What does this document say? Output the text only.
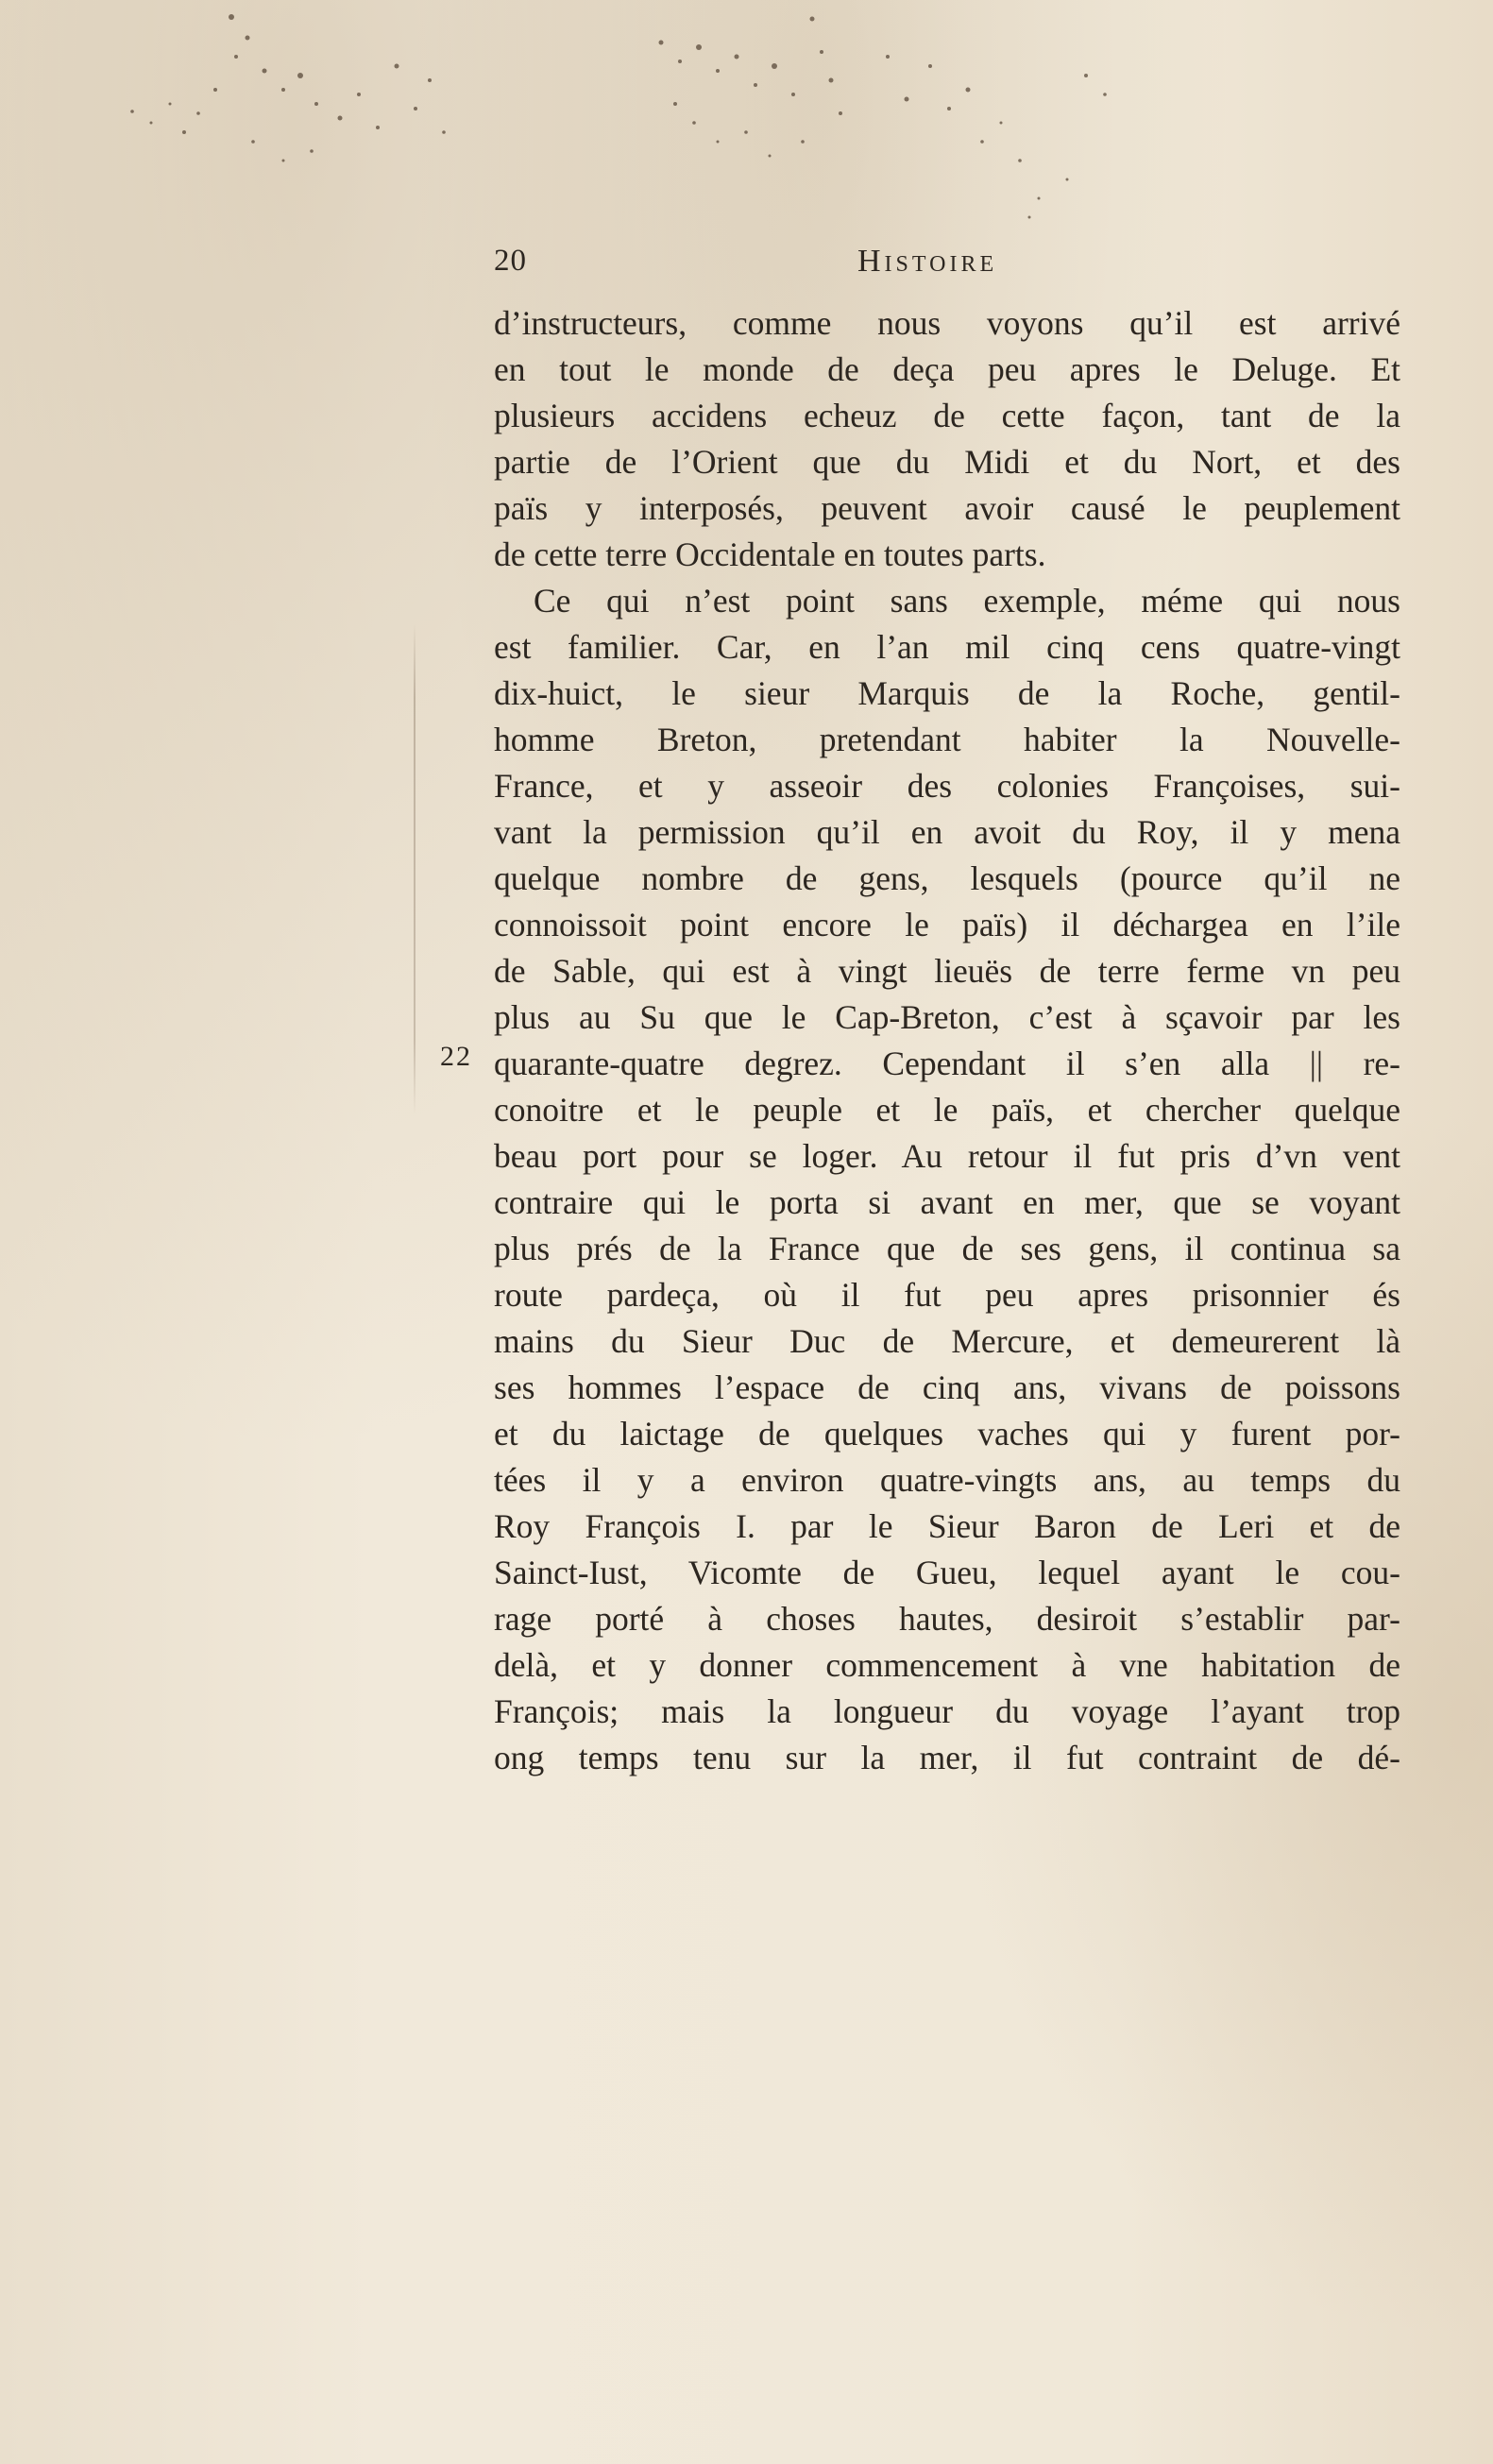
20	Histoire
22
d’instructeurs, comme nous voyons qu’il est arrivé
en tout le monde de deça peu apres le Deluge. Et
plusieurs accidens echeuz de cette façon, tant de la
partie de l’Orient que du Midi et du Nort, et des
païs y interposés, peuvent avoir causé le peuplement
de cette terre Occidentale en toutes parts.
Ce qui n’est point sans exemple, méme qui nous
est familier. Car, en l’an mil cinq cens quatre-vingt
dix-huict, le sieur Marquis de la Roche, gentil-
homme Breton, pretendant habiter la Nouvelle-
France, et y asseoir des colonies Françoises, sui-
vant la permission qu’il en avoit du Roy, il y mena
quelque nombre de gens, lesquels (pource qu’il ne
connoissoit point encore le païs) il déchargea en l’ile
de Sable, qui est à vingt lieuës de terre ferme vn peu
plus au Su que le Cap-Breton, c’est à sçavoir par les
quarante-quatre degrez. Cependant il s’en alla || re-
conoitre et le peuple et le païs, et chercher quelque
beau port pour se loger. Au retour il fut pris d’vn vent
contraire qui le porta si avant en mer, que se voyant
plus prés de la France que de ses gens, il continua sa
route pardeça, où il fut peu apres prisonnier és
mains du Sieur Duc de Mercure, et demeurerent là
ses hommes l’espace de cinq ans, vivans de poissons
et du laictage de quelques vaches qui y furent por-
tées il y a environ quatre-vingts ans, au temps du
Roy François I. par le Sieur Baron de Leri et de
Sainct-Iust, Vicomte de Gueu, lequel ayant le cou-
rage porté à choses hautes, desiroit s’establir par-
delà, et y donner commencement à vne habitation de
François; mais la longueur du voyage l’ayant trop
ong temps tenu sur la mer, il fut contraint de dé-
